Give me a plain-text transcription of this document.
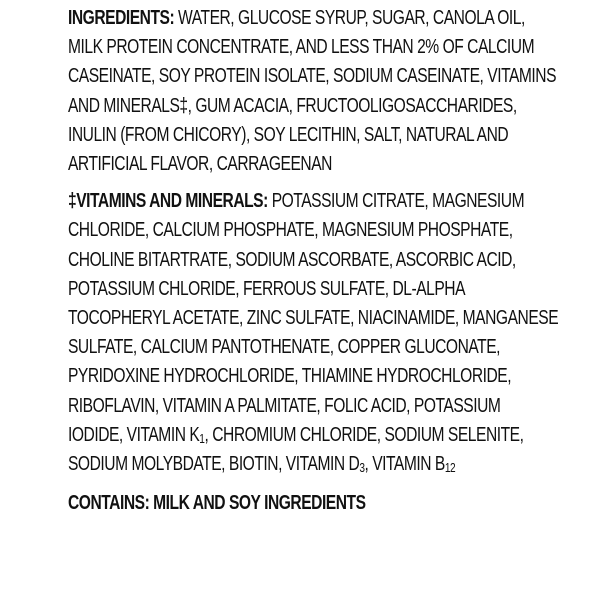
INGREDIENTS: WATER, GLUCOSE SYRUP, SUGAR, CANOLA OIL,
MILK PROTEIN CONCENTRATE, AND LESS THAN 2% OF CALCIUM
CASEINATE, SOY PROTEIN ISOLATE, SODIUM CASEINATE, VITAMINS
AND MINERALS‡, GUM ACACIA, FRUCTOOLIGOSACCHARIDES,
INULIN (FROM CHICORY), SOY LECITHIN, SALT, NATURAL AND
ARTIFICIAL FLAVOR, CARRAGEENAN
‡VITAMINS AND MINERALS: POTASSIUM CITRATE, MAGNESIUM
CHLORIDE, CALCIUM PHOSPHATE, MAGNESIUM PHOSPHATE,
CHOLINE BITARTRATE, SODIUM ASCORBATE, ASCORBIC ACID,
POTASSIUM CHLORIDE, FERROUS SULFATE, DL-ALPHA
TOCOPHERYL ACETATE, ZINC SULFATE, NIACINAMIDE, MANGANESE
SULFATE, CALCIUM PANTOTHENATE, COPPER GLUCONATE,
PYRIDOXINE HYDROCHLORIDE, THIAMINE HYDROCHLORIDE,
RIBOFLAVIN, VITAMIN A PALMITATE, FOLIC ACID, POTASSIUM
IODIDE, VITAMIN $K_1$, CHROMIUM CHLORIDE, SODIUM SELENITE,
SODIUM MOLYBDATE, BIOTIN, VITAMIN $D_3$, VITAMIN $B_{12}$
CONTAINS: MILK AND SOY INGREDIENTS
